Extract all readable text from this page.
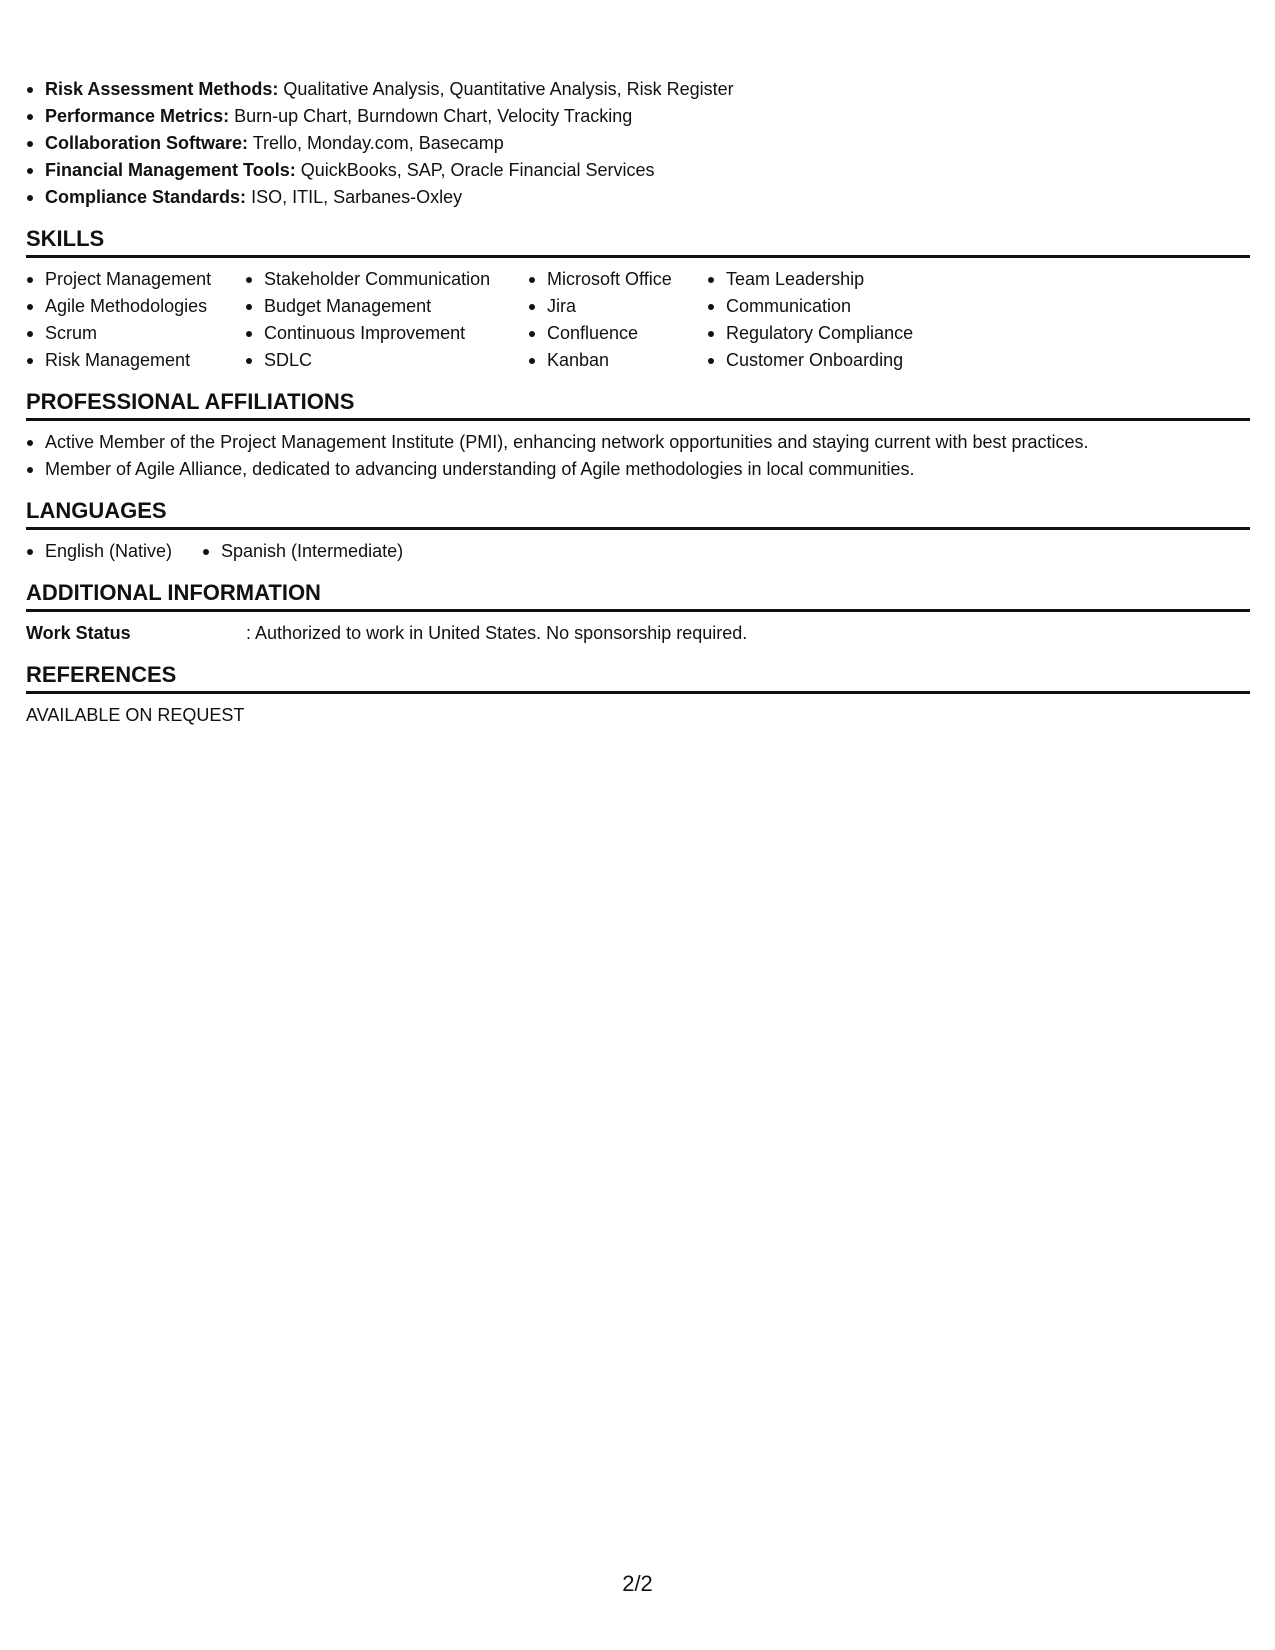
Risk Assessment Methods: Qualitative Analysis, Quantitative Analysis, Risk Register
Performance Metrics: Burn-up Chart, Burndown Chart, Velocity Tracking
Collaboration Software: Trello, Monday.com, Basecamp
Financial Management Tools: QuickBooks, SAP, Oracle Financial Services
Compliance Standards: ISO, ITIL, Sarbanes-Oxley
SKILLS
Project Management
Agile Methodologies
Scrum
Risk Management
Stakeholder Communication
Budget Management
Continuous Improvement
SDLC
Microsoft Office
Jira
Confluence
Kanban
Team Leadership
Communication
Regulatory Compliance
Customer Onboarding
PROFESSIONAL AFFILIATIONS
Active Member of the Project Management Institute (PMI), enhancing network opportunities and staying current with best practices.
Member of Agile Alliance, dedicated to advancing understanding of Agile methodologies in local communities.
LANGUAGES
English (Native)	Spanish (Intermediate)
ADDITIONAL INFORMATION
Work Status	: Authorized to work in United States. No sponsorship required.
REFERENCES
AVAILABLE ON REQUEST
2/2
